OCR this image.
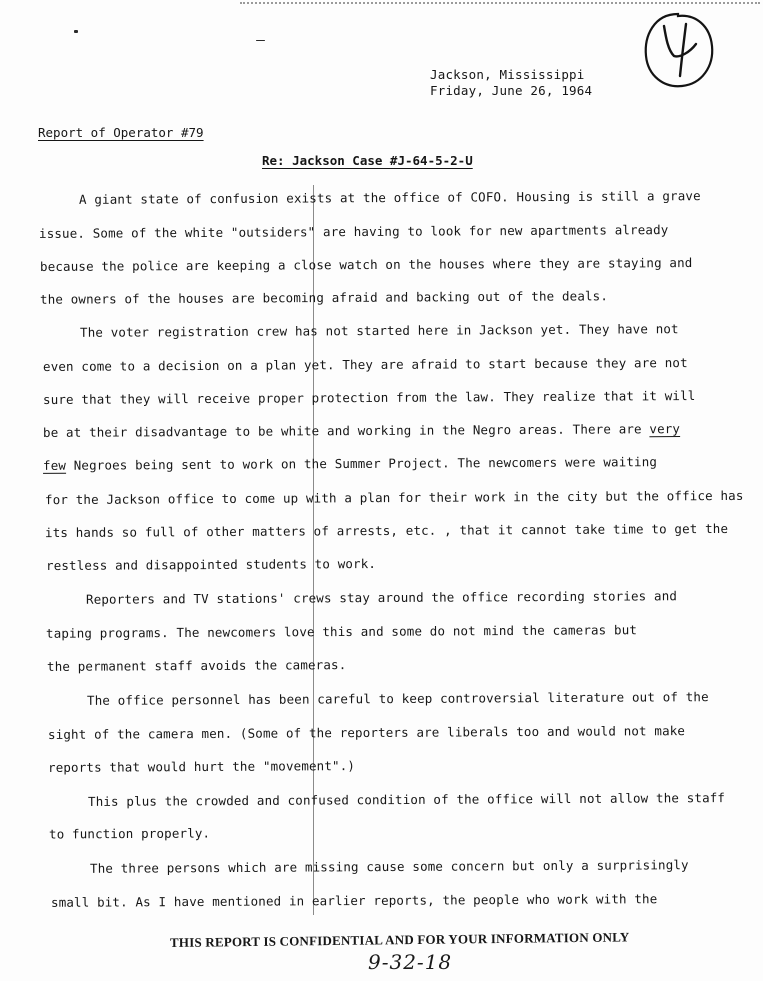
4
Jackson, Mississippi
Friday, June 26, 1964
Report of Operator #79
Re: Jackson Case #J-64-5-2-U
A giant state of confusion exists at the office of COFO. Housing is still a grave
issue. Some of the white "outsiders" are having to look for new apartments already
because the police are keeping a close watch on the houses where they are staying and
the owners of the houses are becoming afraid and backing out of the deals.
The voter registration crew has not started here in Jackson yet. They have not
even come to a decision on a plan yet. They are afraid to start because they are not
sure that they will receive proper protection from the law. They realize that it will
be at their disadvantage to be white and working in the Negro areas. There are very
few Negroes being sent to work on the Summer Project. The newcomers were waiting
for the Jackson office to come up with a plan for their work in the city but the office has
its hands so full of other matters of arrests, etc. , that it cannot take time to get the
restless and disappointed students to work.
Reporters and TV stations' crews stay around the office recording stories and
taping programs. The newcomers love this and some do not mind the cameras but
the permanent staff avoids the cameras.
The office personnel has been careful to keep controversial literature out of the
sight of the camera men. (Some of the reporters are liberals too and would not make
reports that would hurt the "movement".)
This plus the crowded and confused condition of the office will not allow the staff
to function properly.
The three persons which are missing cause some concern but only a surprisingly
small bit. As I have mentioned in earlier reports, the people who work with the
THIS REPORT IS CONFIDENTIAL AND FOR YOUR INFORMATION ONLY
9-32-18
